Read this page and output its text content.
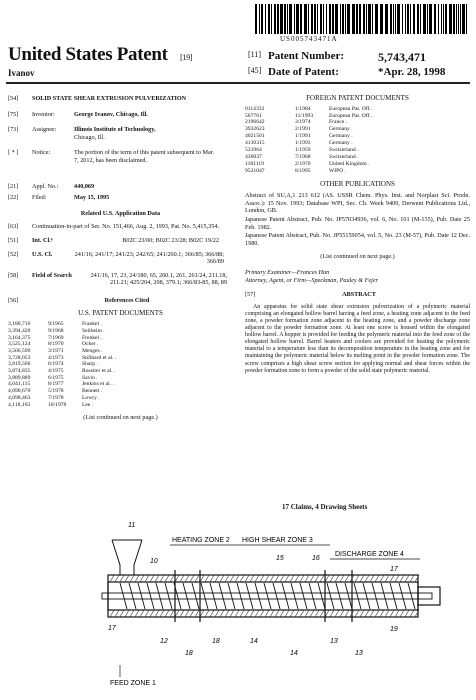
US005743471A
United States Patent [19]
Ivanov
[11] Patent Number:	5,743,471
[45] Date of Patent:	*Apr. 28, 1998
[54]	SOLID STATE SHEAR EXTRUSION PULVERIZATION
[75]	Inventor:	George Ivanov, Chicago, Ill.
[73]	Assignee:	Illinois Institute of Technology,
Chicago, Ill.
[ * ]	Notice:	The portion of the term of this patent subsequent to Mar. 7, 2012, has been disclaimed.
[21]	Appl. No.:	440,069
[22]	Filed:	May 15, 1995
Related U.S. Application Data
[63]	Continuation-in-part of Ser. No. 151,466, Aug. 2, 1993, Pat. No. 5,415,354.
[51]	Int. Cl.⁶	B02C 23/00; B02C 23/28; B02C 19/22
[52]	U.S. Cl.	241/16; 241/17; 241/23; 242/65; 241/260.1; 366/85; 366/88; 366/89
[58]	Field of Search	241/16, 17, 23, 24/180, 65, 260.1, 261, 261/24, 211.18, 211.21; 425/204, 208, 379.1; 366/83-85, 88, 89
[56]	References Cited
U.S. PATENT DOCUMENTS
3,180,716	9/1965	Frankel .
3,394,420	9/1968	Seilheim .
3,164,375	7/1969	Frenkel .
3,525,124	8/1970	Ocker .
3,566,590	3/1971	Menges .
3,728,053	4/1973	Stillhard et al. .
3,819,566	6/1974	Sharp .
3,874,835	4/1975	Rossiter et al. .
3,889,889	6/1975	Savin .
4,041,115	8/1977	Jenkins et al. .
4,090,670	5/1978	Bennett .
4,098,463	7/1978	Lowry .
4,118,163	10/1978	Lee .
(List continued on next page.)
FOREIGN PATENT DOCUMENTS
0114332	1/1984	European Pat. Off. .
567761	11/1993	European Pat. Off. .
2196642	3/1974	France .
3932623	2/1991	Germany .
4021501	1/1991	Germany .
4130315	1/1993	Germany .
531964	1/1959	Switzerland .
436037	7/1968	Switzerland .
1181119	2/1970	United Kingdom .
9521047	8/1995	WIPO .
OTHER PUBLICATIONS
Abstract of SU,A,1 213 612 (AS. USSR Chem. Phys. Inst. and Norplast Sci. Prodn. Assoc.): 15 Nov. 1993; Database WPI, Sec. Ch. Week 9409, Derwent Publications Ltd., London, GB.
Japanese Patent Abstract, Pub. No. JP57034936, vol. 6, No. 101 (M-135), Pub. Date 25 Feb. 1982.
Japanese Patent Abstract, Pub. No. JP55159054, vol. 5, No. 23 (M-57), Pub. Date 12 Dec. 1980.
(List continued on next page.)
Primary Examiner—Frances Han
Attorney, Agent, or Firm—Speckman, Pauley & Fejer
[57]	ABSTRACT
An apparatus for solid state shear extrusion pulverization of a polymeric material comprising an elongated hollow barrel having a feed zone, a heating zone adjacent to the feed zone, a powder formation zone adjacent to the heating zone, and a powder discharge zone adjacent to the powder formation zone. At least one screw is housed within the elongated hollow barrel. A hopper is provided for feeding the polymeric material into the feed zone of the elongated hollow barrel. Barrel heaters and coolers are provided for heating the polymeric material to a temperature less than its decomposition temperature in the heating zone and for maintaining the polymeric material below its melting point in the powder formation zone. The screw comprises a high shear screw section for applying normal and shear forces within the powder formation zone to form a powder of the solid state polymeric material.
17 Claims, 4 Drawing Sheets
HEATING ZONE 2 HIGH SHEAR ZONE 3
DISCHARGE ZONE 4
FEED ZONE 1
11
10	15	16
17
12	18	14	13
19
17
18	14	13
